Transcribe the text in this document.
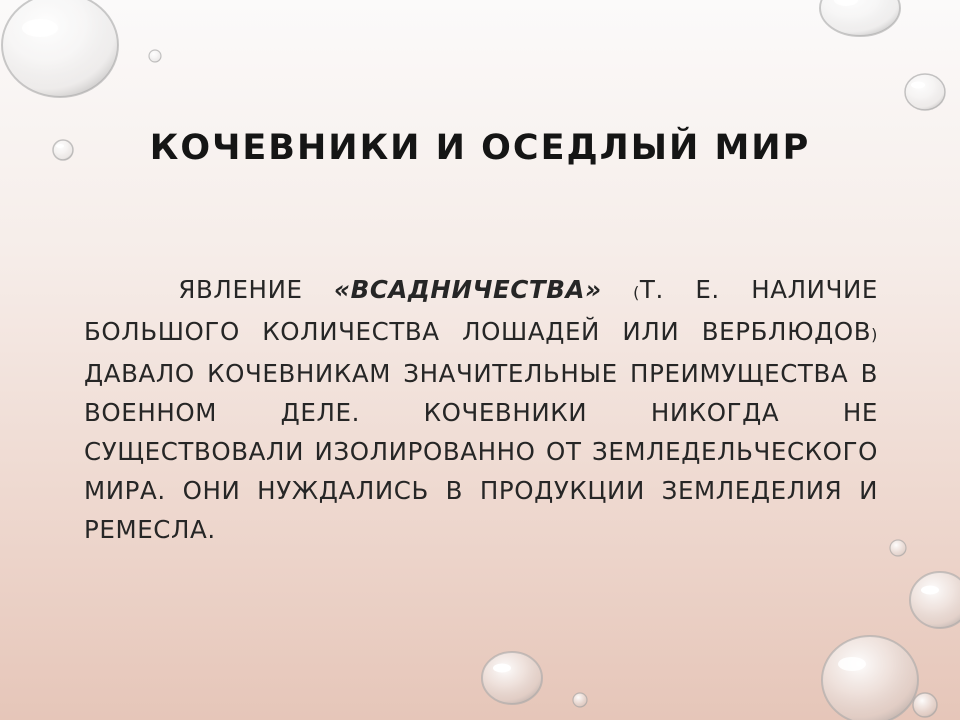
КОЧЕВНИКИ И ОСЕДЛЫЙ МИР

ЯВЛЕНИЕ «ВСАДНИЧЕСТВА» (Т. Е. НАЛИЧИЕ БОЛЬШОГО КОЛИЧЕСТВА ЛОШАДЕЙ ИЛИ ВЕРБЛЮДОВ) ДАВАЛО КОЧЕВНИКАМ ЗНАЧИТЕЛЬНЫЕ ПРЕИМУЩЕСТВА В ВОЕННОМ ДЕЛЕ. КОЧЕВНИКИ НИКОГДА НЕ СУЩЕСТВОВАЛИ ИЗОЛИРОВАННО ОТ ЗЕМЛЕДЕЛЬЧЕСКОГО МИРА. ОНИ НУЖДАЛИСЬ В ПРОДУКЦИИ ЗЕМЛЕДЕЛИЯ И РЕМЕСЛА.
